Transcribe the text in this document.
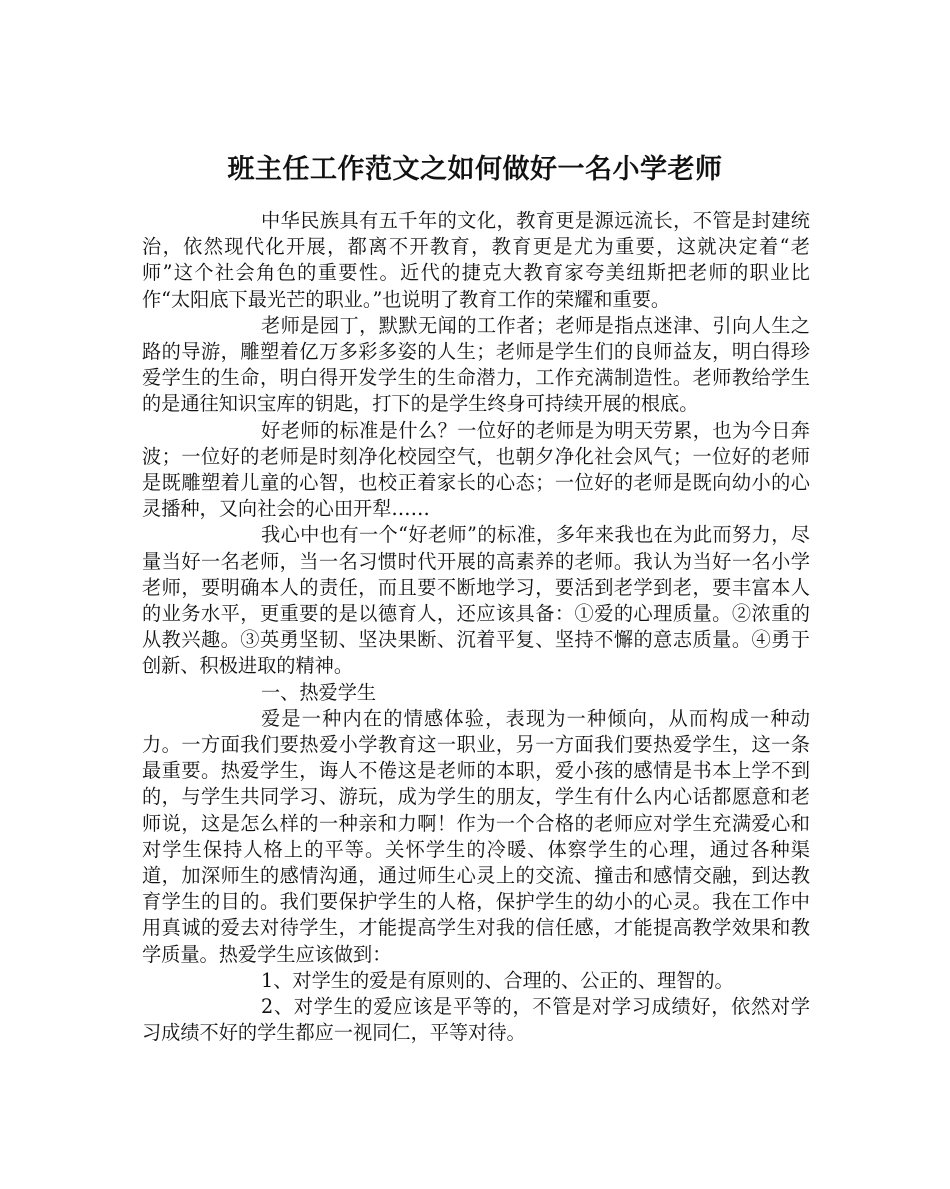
班主任工作范文之如何做好一名小学老师

中华民族具有五千年的文化，教育更是源远流长，不管是封建统治，依然现代化开展，都离不开教育，教育更是尤为重要，这就决定着“老师”这个社会角色的重要性。近代的捷克大教育家夸美纽斯把老师的职业比作“太阳底下最光芒的职业。”也说明了教育工作的荣耀和重要。

老师是园丁，默默无闻的工作者；老师是指点迷津、引向人生之路的导游，雕塑着亿万多彩多姿的人生；老师是学生们的良师益友，明白得珍爱学生的生命，明白得开发学生的生命潜力，工作充满制造性。老师教给学生的是通往知识宝库的钥匙，打下的是学生终身可持续开展的根底。

好老师的标准是什么？一位好的老师是为明天劳累，也为今日奔波；一位好的老师是时刻净化校园空气，也朝夕净化社会风气；一位好的老师是既雕塑着儿童的心智，也校正着家长的心态；一位好的老师是既向幼小的心灵播种，又向社会的心田开犁……

我心中也有一个“好老师”的标准，多年来我也在为此而努力，尽量当好一名老师，当一名习惯时代开展的高素养的老师。我认为当好一名小学老师，要明确本人的责任，而且要不断地学习，要活到老学到老，要丰富本人的业务水平，更重要的是以德育人，还应该具备：①爱的心理质量。②浓重的从教兴趣。③英勇坚韧、坚决果断、沉着平复、坚持不懈的意志质量。④勇于创新、积极进取的精神。

一、热爱学生

爱是一种内在的情感体验，表现为一种倾向，从而构成一种动力。一方面我们要热爱小学教育这一职业，另一方面我们要热爱学生，这一条最重要。热爱学生，诲人不倦这是老师的本职，爱小孩的感情是书本上学不到的，与学生共同学习、游玩，成为学生的朋友，学生有什么内心话都愿意和老师说，这是怎么样的一种亲和力啊！作为一个合格的老师应对学生充满爱心和对学生保持人格上的平等。关怀学生的冷暖、体察学生的心理，通过各种渠道，加深师生的感情沟通，通过师生心灵上的交流、撞击和感情交融，到达教育学生的目的。我们要保护学生的人格，保护学生的幼小的心灵。我在工作中用真诚的爱去对待学生，才能提高学生对我的信任感，才能提高教学效果和教学质量。热爱学生应该做到：

1、对学生的爱是有原则的、合理的、公正的、理智的。

2、对学生的爱应该是平等的，不管是对学习成绩好，依然对学习成绩不好的学生都应一视同仁，平等对待。
